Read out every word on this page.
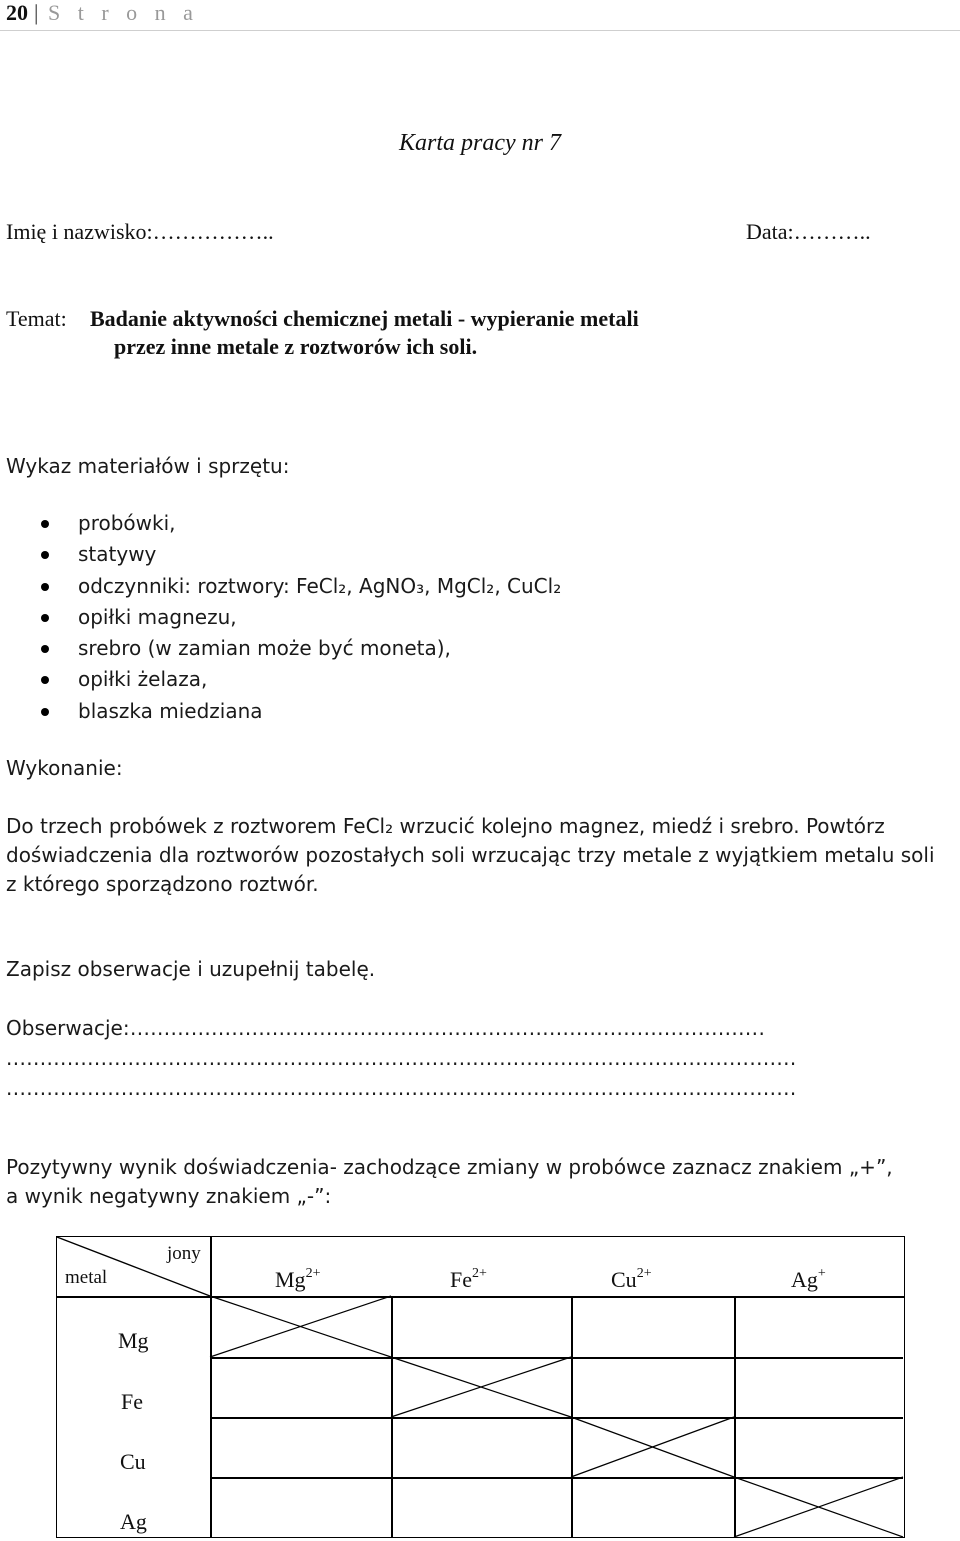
20 | S t r o n a
Karta pracy nr 7
Imię i nazwisko:……………..	Data:………..
Temat: Badanie aktywności chemicznej metali - wypieranie metali
przez inne metale z roztworów ich soli.
Wykaz materiałów i sprzętu:
probówki,
statywy
odczynniki: roztwory: FeCl₂, AgNO₃, MgCl₂, CuCl₂
opiłki magnezu,
srebro (w zamian może być moneta),
opiłki żelaza,
blaszka miedziana
Wykonanie:
Do trzech probówek z roztworem FeCl₂ wrzucić kolejno magnez, miedź i srebro. Powtórz
doświadczenia dla roztworów pozostałych soli wrzucając trzy metale z wyjątkiem metalu soli
z którego sporządzono roztwór.
Zapisz obserwacje i uzupełnij tabelę.
Obserwacje: ..............................................................................................
.....................................................................................................................
.....................................................................................................................
Pozytywny wynik doświadczenia- zachodzące zmiany w probówce zaznacz znakiem „+”,
a wynik negatywny znakiem „-”:
jony
metal	$Mg^{2+}$	$Fe^{2+}$	$Cu^{2+}$	Ag+
Mg
Fe
Cu
Ag
